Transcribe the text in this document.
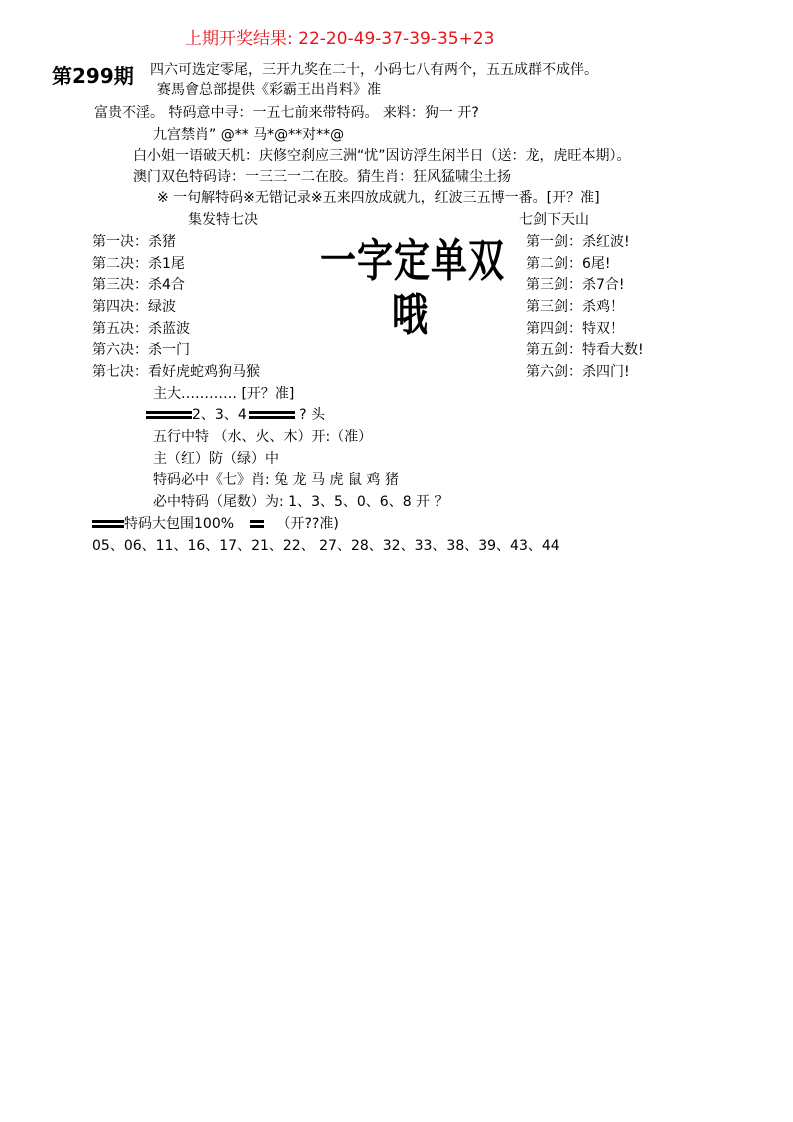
上期开奖结果: 22-20-49-37-39-35+23
第299期 四六可选定零尾，三开九奖在二十，小码七八有两个，五五成群不成伴。
赛馬會总部提供《彩霸王出肖料》准
富贵不淫。 特码意中寻：一五七前来带特码。 来料：狗一 开?
九宫禁肖” @** 马*@**对**@
白小姐一语破天机：庆修空刹应三洲“忧”因访浮生闲半日（送：龙，虎旺本期）。
澳门双色特码诗：一三三一二在胶。猜生肖：狂风猛啸尘土扬
※ 一句解特码※无错记录※五来四放成就九，红波三五博一番。[开？准]
集发特七决	七剑下天山
第一决：杀猪
第二决：杀1尾
第三决：杀4合
第四决：绿波
第五决：杀蓝波
第六决：杀一门
第七决：看好虎蛇鸡狗马猴
第一剑：杀红波!
第二剑：6尾!
第三剑：杀7合!
第三剑：杀鸡！
第四剑：特双！
第五剑：特看大数!
第六剑：杀四门!
一字定单双
哦
主大………… [开？准]
2、3、4	? 头
五行中特 （水、火、木）开:（准）
主（红）防（绿）中
特码必中《七》肖: 兔 龙 马 虎 鼠 鸡 猪
必中特码（尾数）为: 1、3、5、0、6、8 开 ？
特码大包围100%	（开??准)
05、06、11、16、17、21、22、 27、28、32、33、38、39、43、44
